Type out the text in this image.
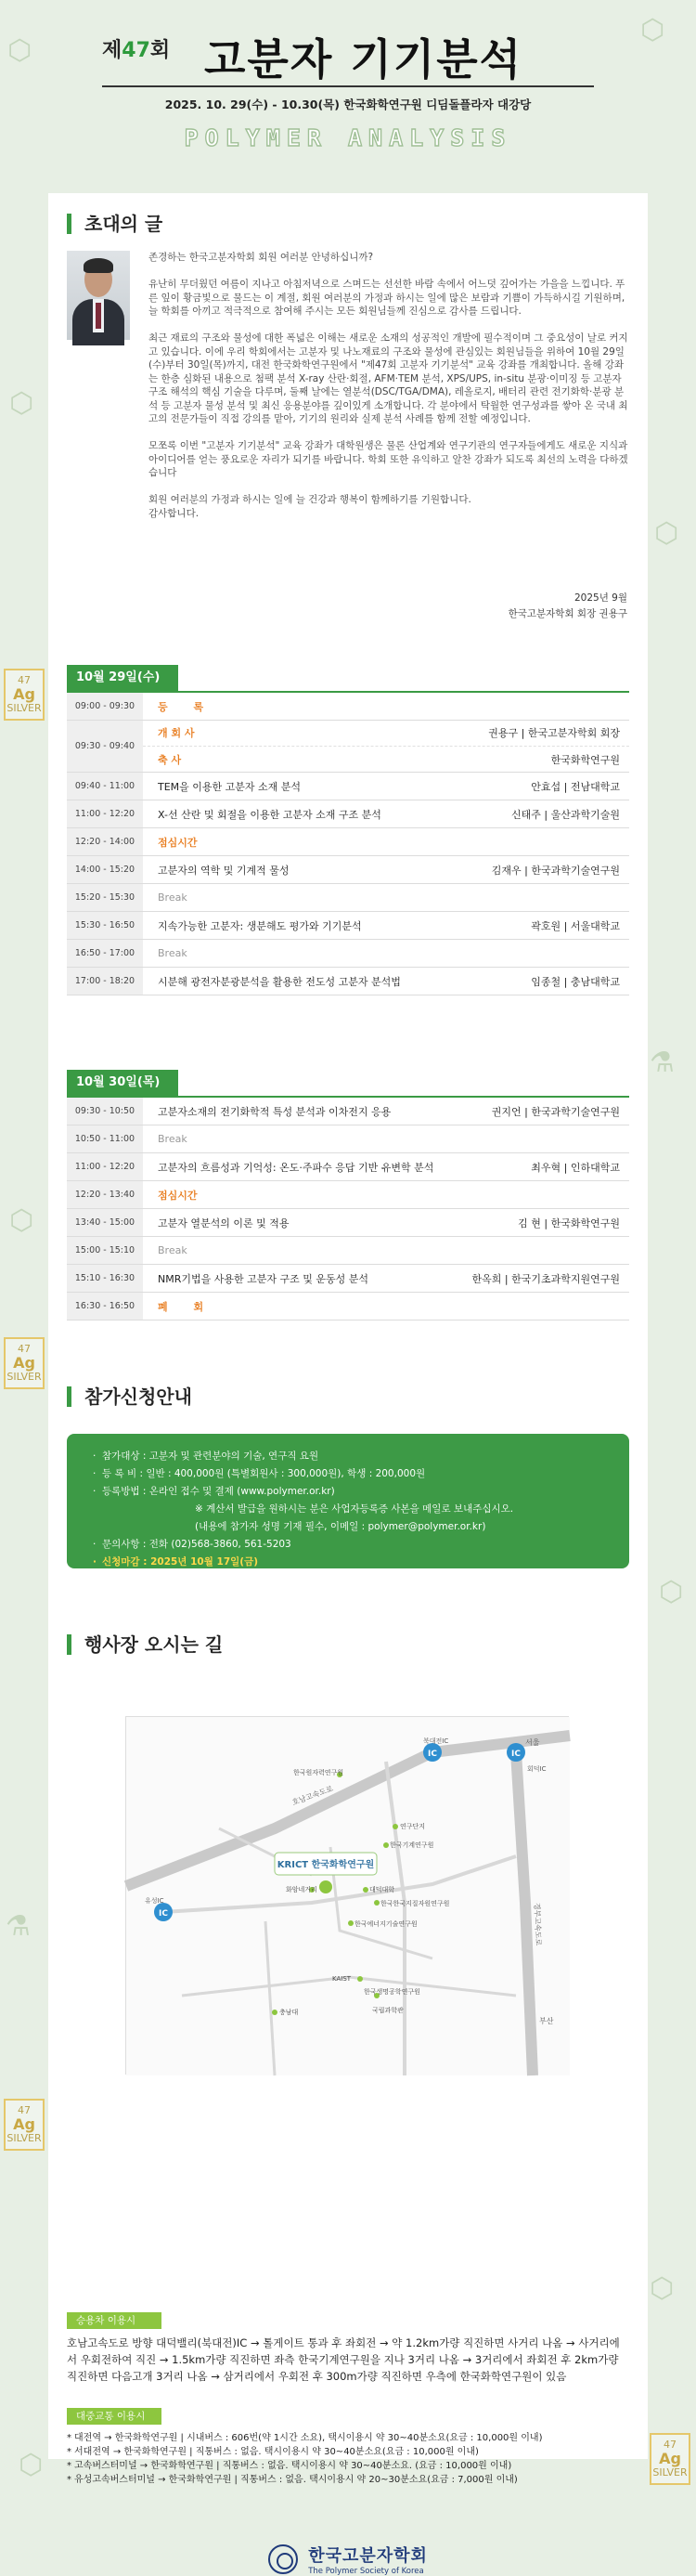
⬡
⬡
⬡
⬡
⚗
⬡
⬡
⚗
⬡
⬡
47
Ag
SILVER
47
Ag
SILVER
47
Ag
SILVER
47
Ag
SILVER
제47회 고분자 기기분석
2025. 10. 29(수) - 10.30(목) 한국화학연구원 디딤돌플라자 대강당
POLYMER ANALYSIS
초대의 글

존경하는 한국고분자학회 회원 여러분 안녕하십니까?

유난히 무더웠던 여름이 지나고 아침저녁으로 스며드는 선선한 바람 속에서 어느덧 깊어가는 가을을 느낍니다. 푸른 잎이 황금빛으로 물드는 이 계절, 회원 여러분의 가정과 하시는 일에 많은 보람과 기쁨이 가득하시길 기원하며, 늘 학회를 아끼고 적극적으로 참여해 주시는 모든 회원님들께 진심으로 감사를 드립니다.

최근 재료의 구조와 물성에 대한 폭넓은 이해는 새로운 소재의 성공적인 개발에 필수적이며 그 중요성이 날로 커지고 있습니다. 이에 우리 학회에서는 고분자 및 나노재료의 구조와 물성에 관심있는 회원님들을 위하여 10월 29일(수)부터 30일(목)까지, 대전 한국화학연구원에서 "제47회 고분자 기기분석" 교육 강좌를 개최합니다. 올해 강좌는 한층 심화된 내용으로 첨팩 분석 X-ray 산란·회절, AFM·TEM 분석, XPS/UPS, in-situ 분광·이미징 등 고분자 구조 해석의 핵심 기술을 다루며, 둘째 날에는 열분석(DSC/TGA/DMA), 레올로지, 배터리 관련 전기화학·분광 분석 등 고분자 물성 분석 및 최신 응용분야를 깊이있게 소개합니다. 각 분야에서 탁월한 연구성과를 쌓아 온 국내 최고의 전문가들이 직접 강의를 맡아, 기기의 원리와 실제 분석 사례를 함께 전할 예정입니다.

모쪼록 이번 "고분자 기기분석" 교육 강좌가 대학원생은 물론 산업계와 연구기관의 연구자들에게도 새로운 지식과 아이디어를 얻는 풍요로운 자리가 되기를 바랍니다. 학회 또한 유익하고 알찬 강좌가 되도록 최선의 노력을 다하겠습니다

회원 여러분의 가정과 하시는 일에 늘 건강과 행복이 함께하기를 기원합니다.
감사합니다.

2025년 9월
한국고분자학회 회장 권용구
10월 29일(수)
09:00 - 09:30	등 록
09:30 - 09:40
개 회 사	권용구 | 한국고분자학회 회장
축 사	한국화학연구원
09:40 - 11:00	TEM을 이용한 고분자 소재 분석	안효섭 | 전남대학교
11:00 - 12:20	X-선 산란 및 회절을 이용한 고분자 소재 구조 분석	신태주 | 울산과학기술원
12:20 - 14:00	점심시간
14:00 - 15:20	고분자의 역학 및 기계적 물성	김재우 | 한국과학기술연구원
15:20 - 15:30	Break
15:30 - 16:50	지속가능한 고분자: 생분해도 평가와 기기분석	곽호원 | 서울대학교
16:50 - 17:00	Break
17:00 - 18:20	시분해 광전자분광분석을 활용한 전도성 고분자 분석법	임종철 | 충남대학교
10월 30일(목)
09:30 - 10:50	고분자소재의 전기화학적 특성 분석과 이차전지 응용	권지언 | 한국과학기술연구원
10:50 - 11:00	Break
11:00 - 12:20	고분자의 흐름성과 기억성: 온도·주파수 응답 기반 유변학 분석	최우혁 | 인하대학교
12:20 - 13:40	점심시간
13:40 - 15:00	고분자 열분석의 이론 및 적용	김 현 | 한국화학연구원
15:00 - 15:10	Break
15:10 - 16:30	NMR기법을 사용한 고분자 구조 및 운동성 분석	한옥희 | 한국기초과학지원연구원
16:30 - 16:50	폐 회
참가신청안내
· 참가대상 : 고분자 및 관련분야의 기술, 연구직 요원
· 등 록 비 : 일반 : 400,000원 (특별회원사 : 300,000원), 학생 : 200,000원
· 등록방법 : 온라인 접수 및 결제 (www.polymer.or.kr)
※ 계산서 발급을 원하시는 분은 사업자등록증 사본을 메일로 보내주십시오.
(내용에 참가자 성명 기재 필수, 이메일 : polymer@polymer.or.kr)
· 문의사항 : 전화 (02)568-3860, 561-5203
· 신청마감 : 2025년 10월 17일(금)
행사장 오시는 길
IC	IC
IC
KRICT 한국화학연구원
서울
부산
호남고속도로
경부고속도로
북대전IC
회덕IC
유성IC
한국원자력연구원
연구단지
화암네거리	대덕대학
한국한국지질자원연구원
한국에너지기술연구원
KAIST
충남대
한국생명공학연구원
국립과학관
한국기계연구원
승용차 이용시
호남고속도로 방향 대덕밸리(북대전)IC → 톨게이트 통과 후 좌회전 → 약 1.2km가량 직진하면 사거리 나옴 → 사거리에서 우회전하여 직진 → 1.5km가량 직진하면 좌측 한국기계연구원을 지나 3거리 나옴 → 3거리에서 좌회전 후 2km가량 직진하면 다음고개 3거리 나옴 → 삼거리에서 우회전 후 300m가량 직진하면 우측에 한국화학연구원이 있음
대중교통 이용시
* 대전역 → 한국화학연구원 | 시내버스 : 606번(약 1시간 소요), 택시이용시 약 30~40분소요(요금 : 10,000원 이내)
* 서대전역 → 한국화학연구원 | 직통버스 : 없음. 택시이용시 약 30~40분소요(요금 : 10,000원 이내)
* 고속버스터미널 → 한국화학연구원 | 직통버스 : 없음. 택시이용시 약 30~40분소요. (요금 : 10,000원 이내)
* 유성고속버스터미널 → 한국화학연구원 | 직통버스 : 없음. 택시이용시 약 20~30분소요(요금 : 7,000원 이내)

한국고분자학회
The Polymer Society of Korea
